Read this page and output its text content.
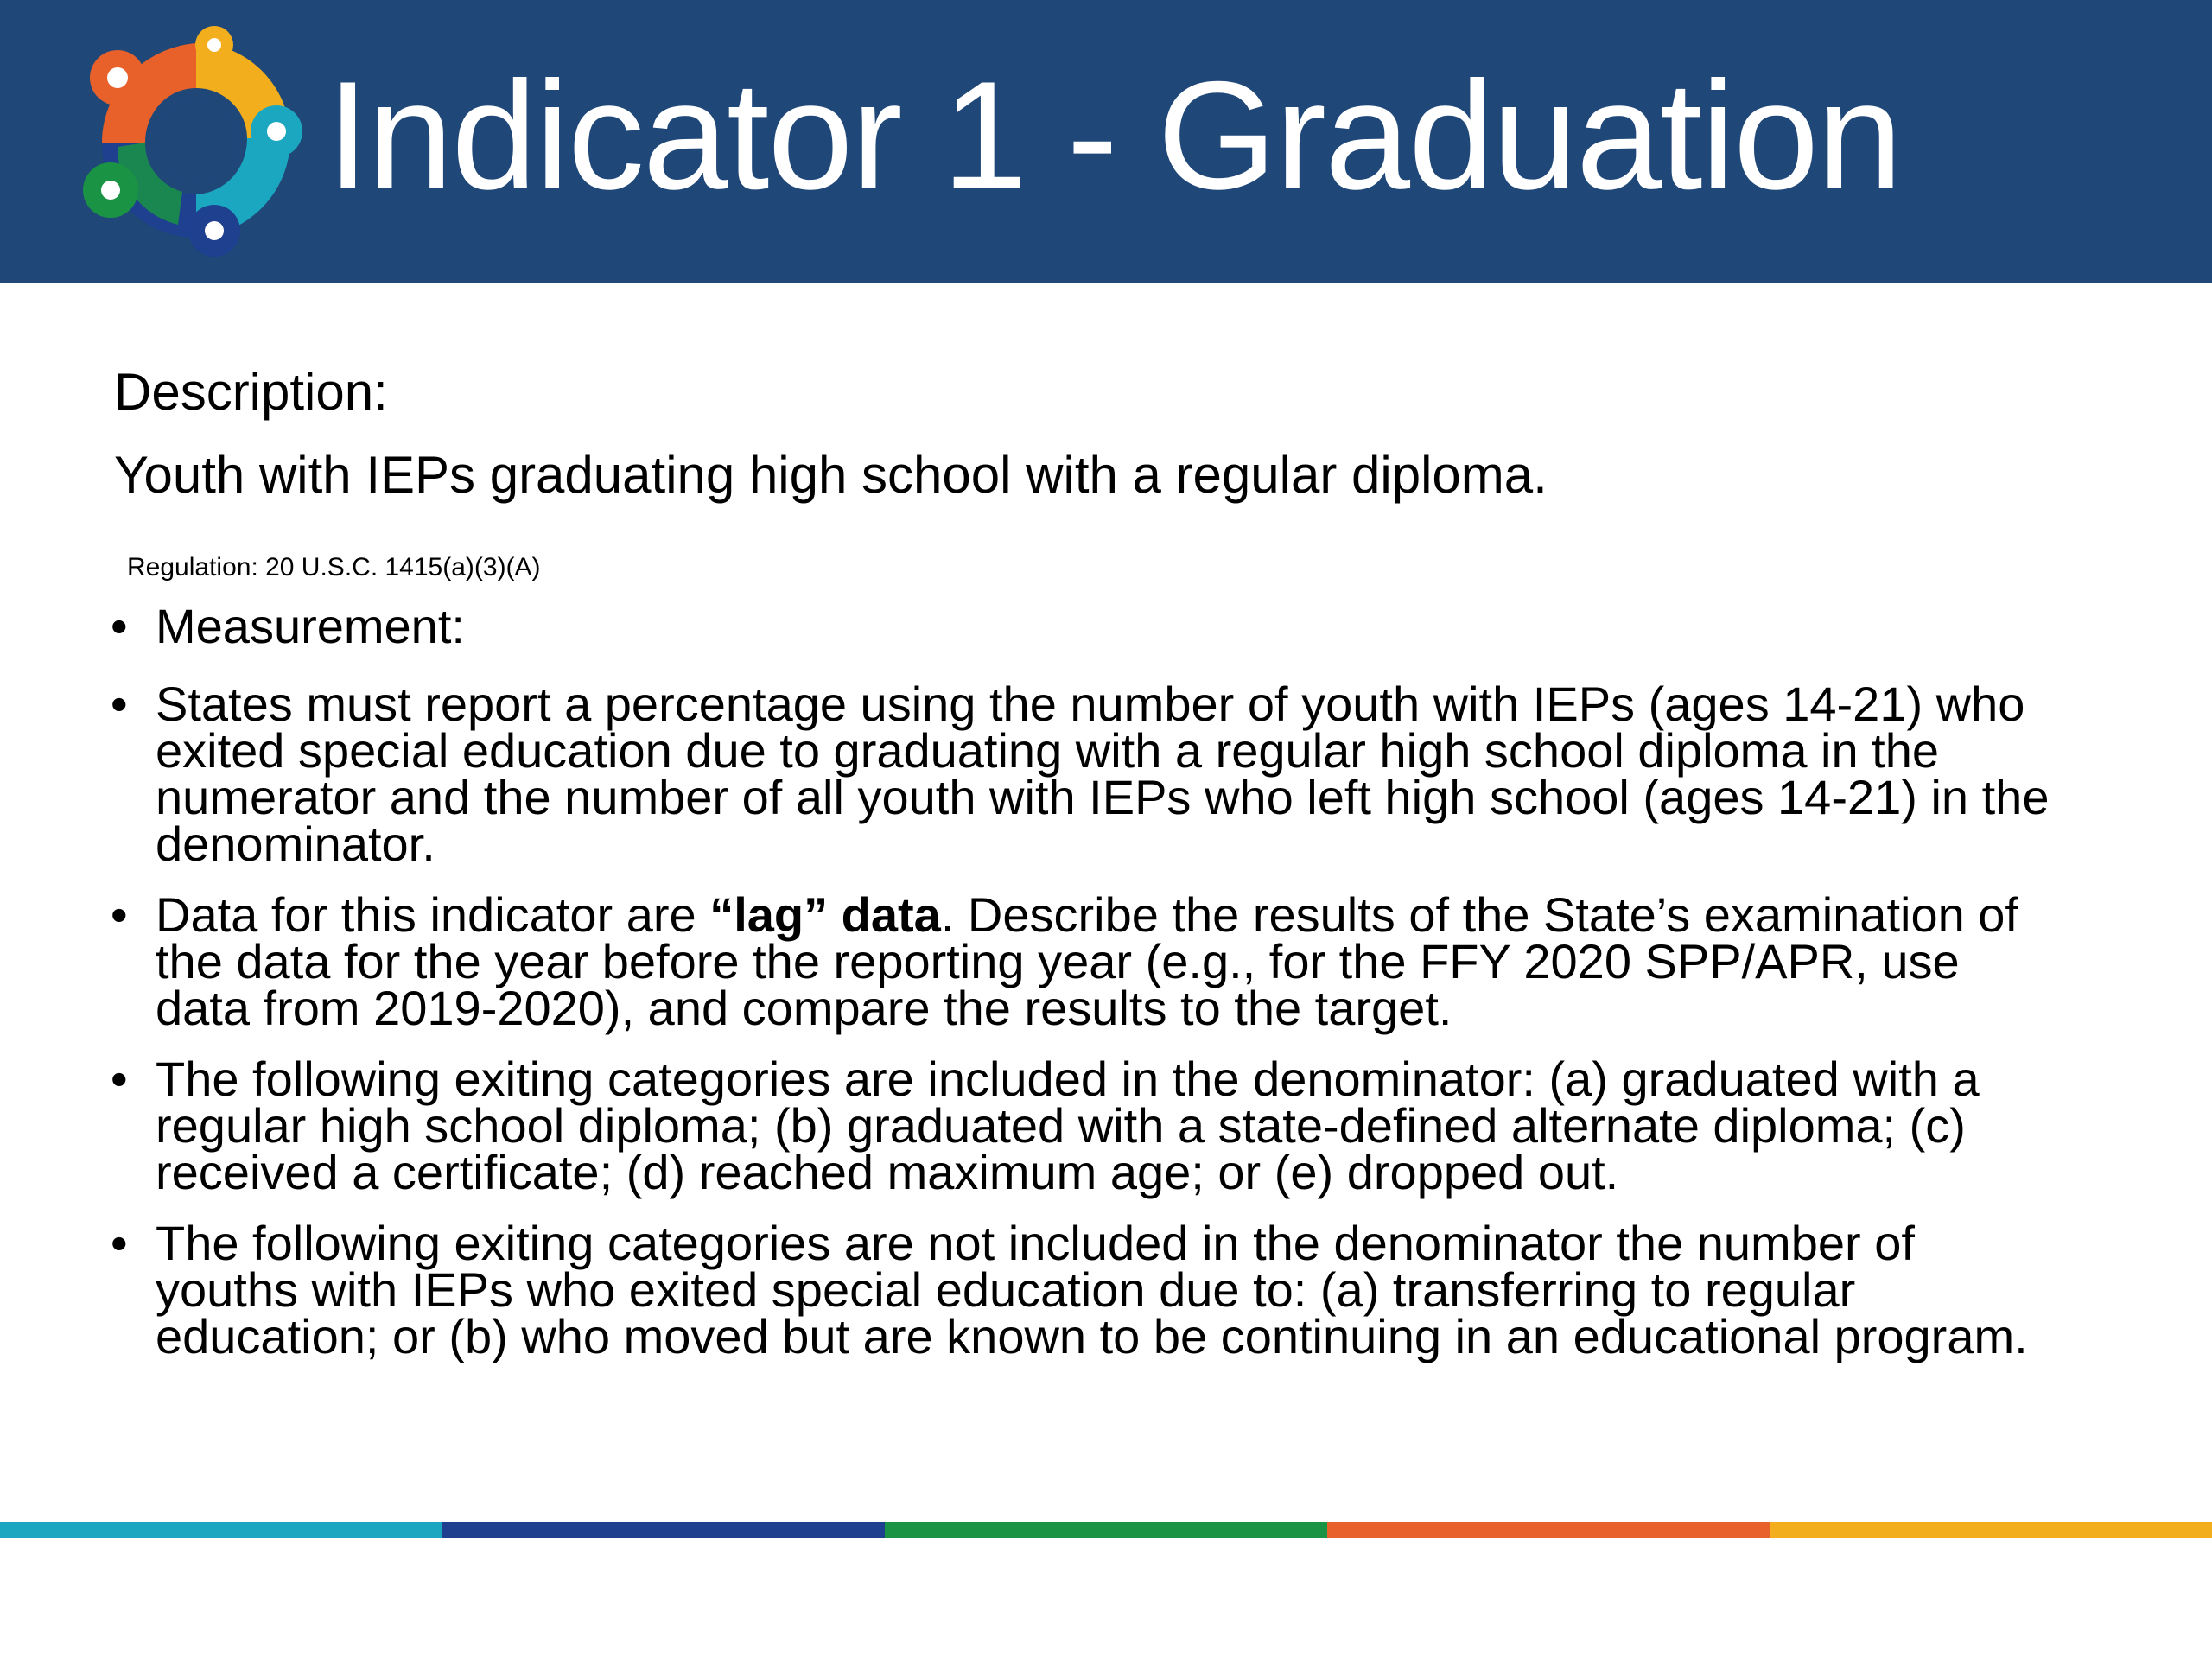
Indicator 1 - Graduation
Description:
Youth with IEPs graduating high school with a regular diploma.
Regulation: 20 U.S.C. 1415(a)(3)(A)
• Measurement:
• States must report a percentage using the number of youth with IEPs (ages 14-21) who exited special education due to graduating with a regular high school diploma in the numerator and the number of all youth with IEPs who left high school (ages 14-21) in the denominator.
• Data for this indicator are “lag” data. Describe the results of the State’s examination of the data for the year before the reporting year (e.g., for the FFY 2020 SPP/APR, use data from 2019-2020), and compare the results to the target.
• The following exiting categories are included in the denominator: (a) graduated with a regular high school diploma; (b) graduated with a state-defined alternate diploma; (c) received a certificate; (d) reached maximum age; or (e) dropped out.
• The following exiting categories are not included in the denominator the number of youths with IEPs who exited special education due to: (a) transferring to regular education; or (b) who moved but are known to be continuing in an educational program.
